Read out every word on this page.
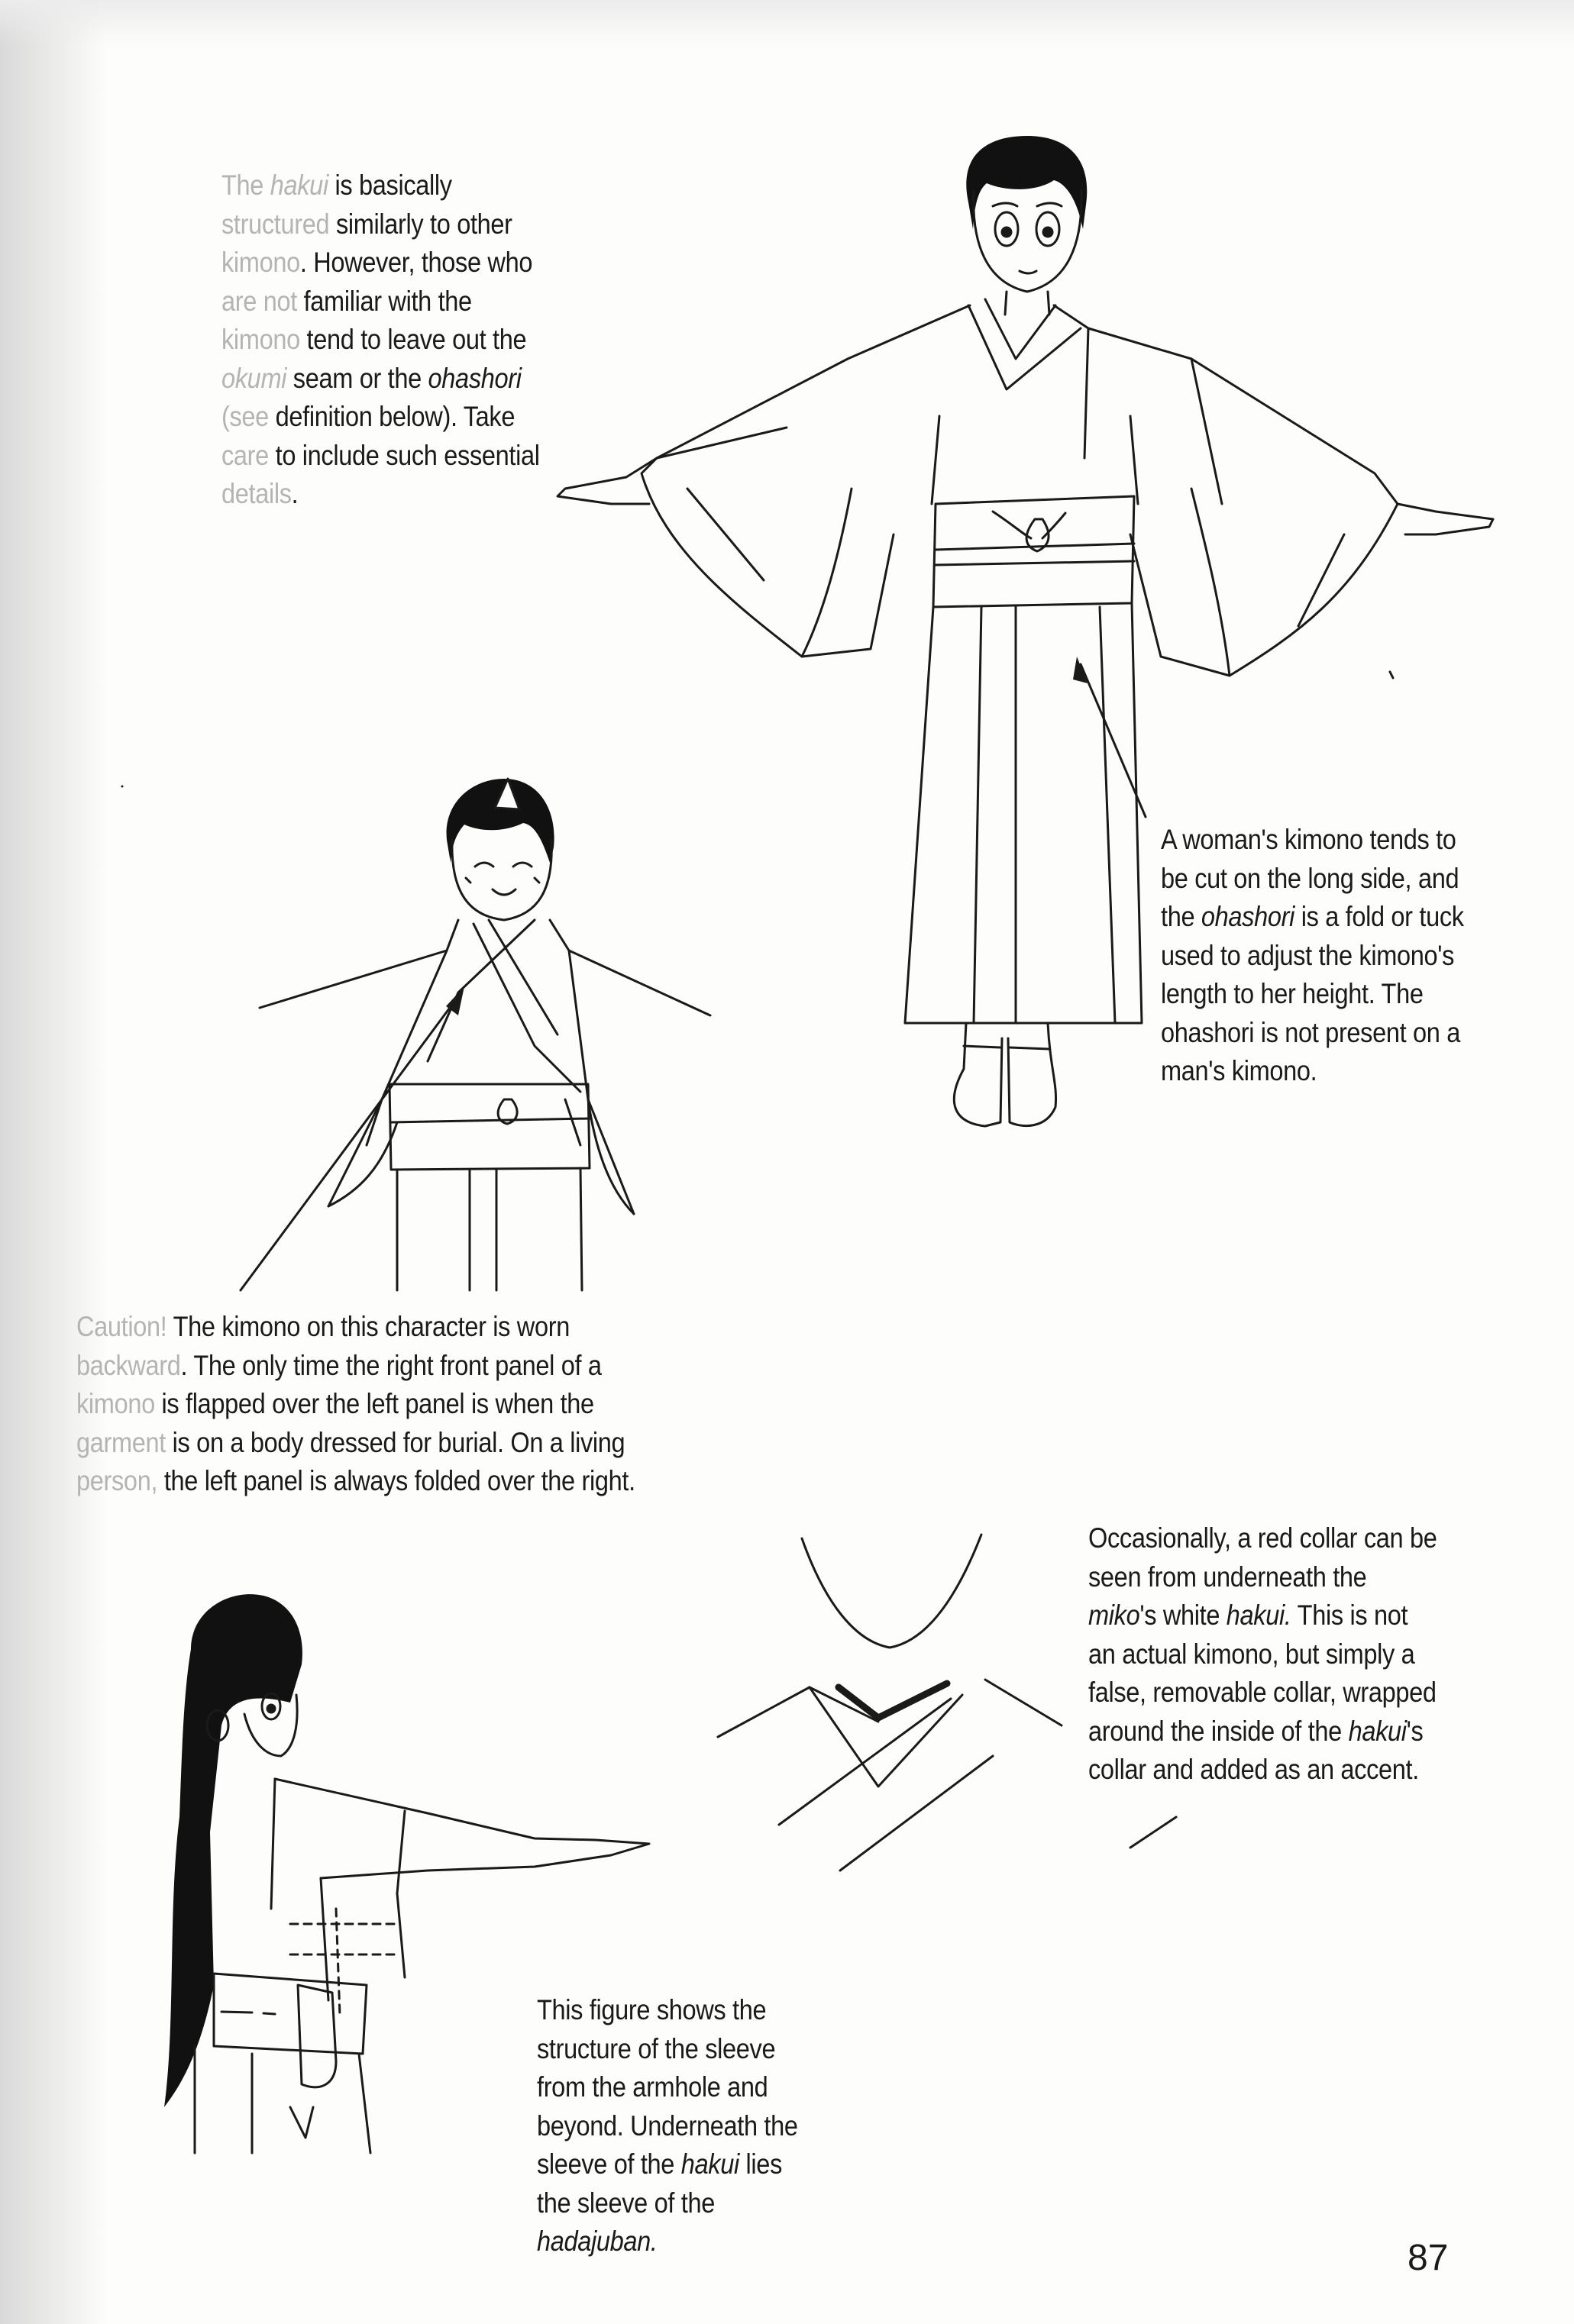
The hakui is basically

structured similarly to other

kimono. However, those who

are not familiar with the

kimono tend to leave out the

okumi seam or the ohashori

(see definition below). Take

care to include such essential

details.

A woman's kimono tends to

be cut on the long side, and

the ohashori is a fold or tuck

used to adjust the kimono's

length to her height. The

ohashori is not present on a

man's kimono.

Caution! The kimono on this character is worn

backward. The only time the right front panel of a

kimono is flapped over the left panel is when the

garment is on a body dressed for burial. On a living

person, the left panel is always folded over the right.

Occasionally, a red collar can be

seen from underneath the

miko's white hakui. This is not

an actual kimono, but simply a

false, removable collar, wrapped

around the inside of the hakui's

collar and added as an accent.

This figure shows the

structure of the sleeve

from the armhole and

beyond. Underneath the

sleeve of the hakui lies

the sleeve of the

hadajuban.	87
